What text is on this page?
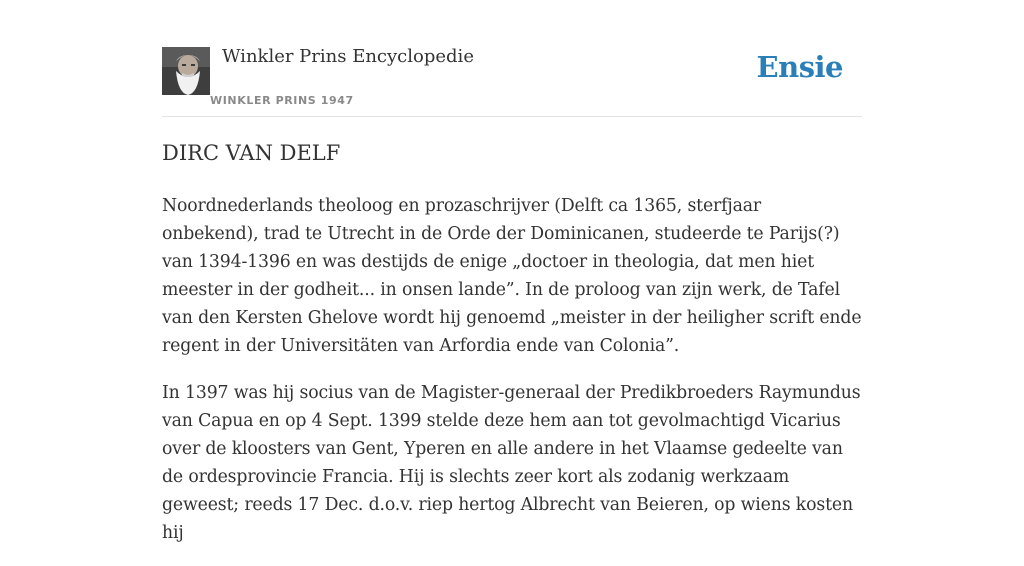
Winkler Prins Encyclopedie
WINKLER PRINS 1947
Ensie
DIRC VAN DELF

Noordnederlands theoloog en prozaschrijver (Delft ca 1365, sterfjaar onbekend), trad te Utrecht in de Orde der Dominicanen, studeerde te Parijs(?) van 1394-1396 en was destijds de enige „doctoer in theologia, dat men hiet meester in der godheit... in onsen lande”. In de proloog van zijn werk, de Tafel van den Kersten Ghelove wordt hij genoemd „meister in der heiligher scrift ende regent in der Universitäten van Arfordia ende van Colonia”.

In 1397 was hij socius van de Magister-generaal der Predikbroeders Raymundus van Capua en op 4 Sept. 1399 stelde deze hem aan tot gevolmachtigd Vicarius over de kloosters van Gent, Yperen en alle andere in het Vlaamse gedeelte van de ordesprovincie Francia. Hij is slechts zeer kort als zodanig werkzaam geweest; reeds 17 Dec. d.o.v. riep hertog Albrecht van Beieren, op wiens kosten hij
